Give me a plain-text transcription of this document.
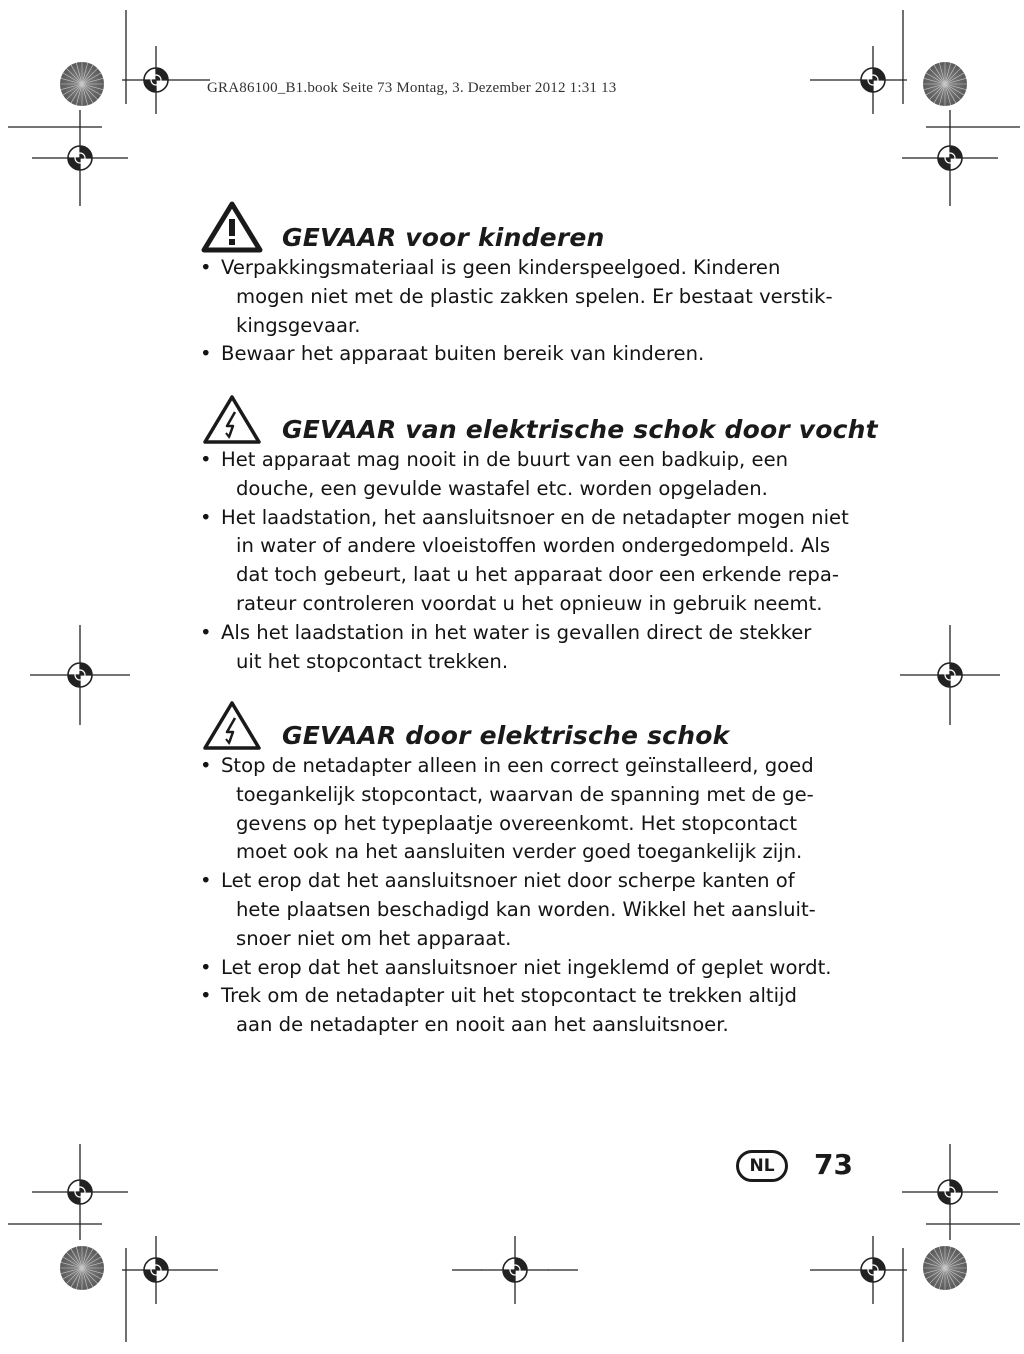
GRA86100_B1.book Seite 73 Montag, 3. Dezember 2012 1:31 13
GEVAAR voor kinderen
• Verpakkingsmateriaal is geen kinderspeelgoed. Kinderen
mogen niet met de plastic zakken spelen. Er bestaat verstik-
kingsgevaar.
• Bewaar het apparaat buiten bereik van kinderen.
GEVAAR van elektrische schok door vocht
• Het apparaat mag nooit in de buurt van een badkuip, een
douche, een gevulde wastafel etc. worden opgeladen.
• Het laadstation, het aansluitsnoer en de netadapter mogen niet
in water of andere vloeistoffen worden ondergedompeld. Als
dat toch gebeurt, laat u het apparaat door een erkende repa-
rateur controleren voordat u het opnieuw in gebruik neemt.
• Als het laadstation in het water is gevallen direct de stekker
uit het stopcontact trekken.
GEVAAR door elektrische schok
• Stop de netadapter alleen in een correct geïnstalleerd, goed
toegankelijk stopcontact, waarvan de spanning met de ge-
gevens op het typeplaatje overeenkomt. Het stopcontact
moet ook na het aansluiten verder goed toegankelijk zijn.
• Let erop dat het aansluitsnoer niet door scherpe kanten of
hete plaatsen beschadigd kan worden. Wikkel het aansluit-
snoer niet om het apparaat.
• Let erop dat het aansluitsnoer niet ingeklemd of geplet wordt.
• Trek om de netadapter uit het stopcontact te trekken altijd
aan de netadapter en nooit aan het aansluitsnoer.
NL	73
